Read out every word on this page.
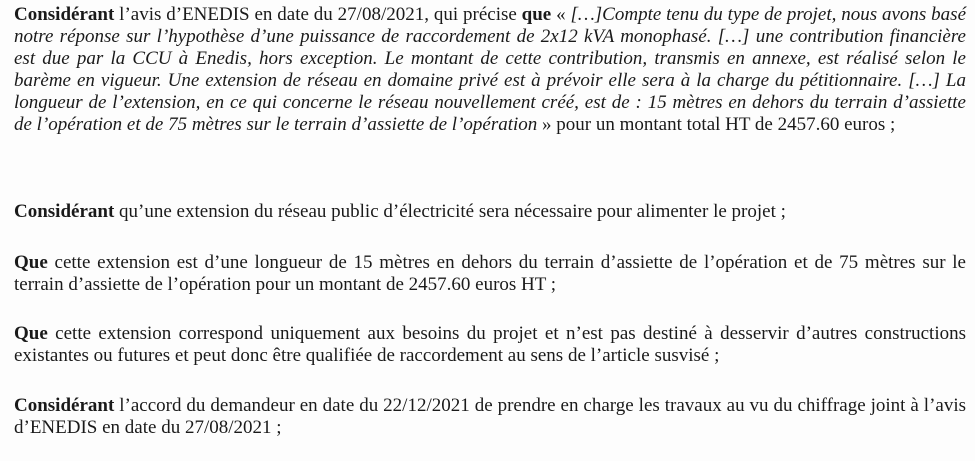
Considérant l’avis d’ENEDIS en date du 27/08/2021, qui précise que « […]Compte tenu du type de projet, nous avons basé notre réponse sur l’hypothèse d’une puissance de raccordement de 2x12 kVA monophasé. […] une contribution financière est due par la CCU à Enedis, hors exception. Le montant de cette contribution, transmis en annexe, est réalisé selon le barème en vigueur. Une extension de réseau en domaine privé est à prévoir elle sera à la charge du pétitionnaire. […] La longueur de l’extension, en ce qui concerne le réseau nouvellement créé, est de : 15 mètres en dehors du terrain d’assiette de l’opération et de 75 mètres sur le terrain d’assiette de l’opération » pour un montant total HT de 2457.60 euros ;

Considérant qu’une extension du réseau public d’électricité sera nécessaire pour alimenter le projet ;

Que cette extension est d’une longueur de 15 mètres en dehors du terrain d’assiette de l’opération et de 75 mètres sur le terrain d’assiette de l’opération pour un montant de 2457.60 euros HT ;

Que cette extension correspond uniquement aux besoins du projet et n’est pas destiné à desservir d’autres constructions existantes ou futures et peut donc être qualifiée de raccordement au sens de l’article susvisé ;

Considérant l’accord du demandeur en date du 22/12/2021 de prendre en charge les travaux au vu du chiffrage joint à l’avis d’ENEDIS en date du 27/08/2021 ;
